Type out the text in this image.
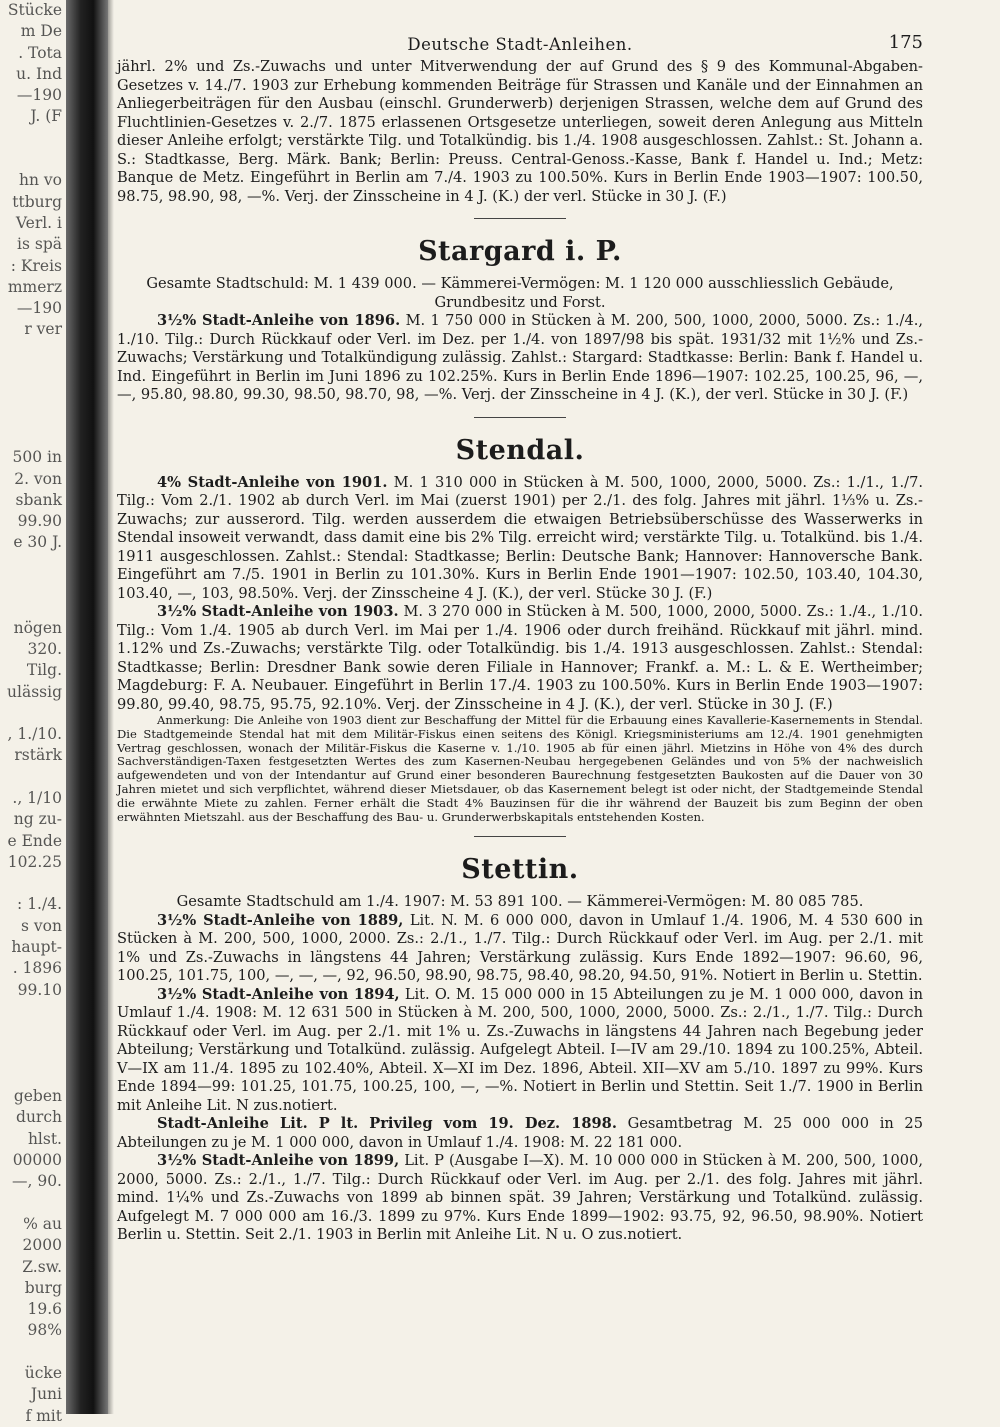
Stücke
m De
. Tota
u. Ind
—190
J. (F
hn vo
ttburg
Verl. i
is spä
: Kreis
mmerz
—190
r ver
500 in
2. von
sbank
99.90
e 30 J.
nögen
320.
Tilg.
ulässig
, 1./10.
rstärk
., 1/10
ng zu-
e Ende
102.25
: 1./4.
s von
haupt-
. 1896
99.10
geben
durch
hlst.
00000
—, 90.
% au
2000
Z.sw.
burg
19.6
98%
ücke
Juni
f mit
Deutsche Stadt-Anleihen.	175

jährl. 2% und Zs.-Zuwachs und unter Mitverwendung der auf Grund des § 9 des Kommunal-Abgaben-Gesetzes v. 14./7. 1903 zur Erhebung kommenden Beiträge für Strassen und Kanäle und der Einnahmen an Anliegerbeiträgen für den Ausbau (einschl. Grunderwerb) derjenigen Strassen, welche dem auf Grund des Fluchtlinien-Gesetzes v. 2./7. 1875 erlassenen Ortsgesetze unterliegen, soweit deren Anlegung aus Mitteln dieser Anleihe erfolgt; verstärkte Tilg. und Totalkündig. bis 1./4. 1908 ausgeschlossen. Zahlst.: St. Johann a. S.: Stadtkasse, Berg. Märk. Bank; Berlin: Preuss. Central-Genoss.-Kasse, Bank f. Handel u. Ind.; Metz: Banque de Metz. Eingeführt in Berlin am 7./4. 1903 zu 100.50%. Kurs in Berlin Ende 1903—1907: 100.50, 98.75, 98.90, 98, —%. Verj. der Zinsscheine in 4 J. (K.) der verl. Stücke in 30 J. (F.)

Stargard i. P.

Gesamte Stadtschuld: M. 1 439 000. — Kämmerei-Vermögen: M. 1 120 000 ausschliesslich Gebäude, Grundbesitz und Forst.

3½% Stadt-Anleihe von 1896. M. 1 750 000 in Stücken à M. 200, 500, 1000, 2000, 5000. Zs.: 1./4., 1./10. Tilg.: Durch Rückkauf oder Verl. im Dez. per 1./4. von 1897/98 bis spät. 1931/32 mit 1½% und Zs.-Zuwachs; Verstärkung und Totalkündigung zulässig. Zahlst.: Stargard: Stadtkasse: Berlin: Bank f. Handel u. Ind. Eingeführt in Berlin im Juni 1896 zu 102.25%. Kurs in Berlin Ende 1896—1907: 102.25, 100.25, 96, —, —, 95.80, 98.80, 99.30, 98.50, 98.70, 98, —%. Verj. der Zinsscheine in 4 J. (K.), der verl. Stücke in 30 J. (F.)

Stendal.

4% Stadt-Anleihe von 1901. M. 1 310 000 in Stücken à M. 500, 1000, 2000, 5000. Zs.: 1./1., 1./7. Tilg.: Vom 2./1. 1902 ab durch Verl. im Mai (zuerst 1901) per 2./1. des folg. Jahres mit jährl. 1⅓% u. Zs.-Zuwachs; zur ausserord. Tilg. werden ausserdem die etwaigen Betriebsüberschüsse des Wasserwerks in Stendal insoweit verwandt, dass damit eine bis 2% Tilg. erreicht wird; verstärkte Tilg. u. Totalkünd. bis 1./4. 1911 ausgeschlossen. Zahlst.: Stendal: Stadtkasse; Berlin: Deutsche Bank; Hannover: Hannoversche Bank. Eingeführt am 7./5. 1901 in Berlin zu 101.30%. Kurs in Berlin Ende 1901—1907: 102.50, 103.40, 104.30, 103.40, —, 103, 98.50%. Verj. der Zinsscheine 4 J. (K.), der verl. Stücke 30 J. (F.)

3½% Stadt-Anleihe von 1903. M. 3 270 000 in Stücken à M. 500, 1000, 2000, 5000. Zs.: 1./4., 1./10. Tilg.: Vom 1./4. 1905 ab durch Verl. im Mai per 1./4. 1906 oder durch freihänd. Rückkauf mit jährl. mind. 1.12% und Zs.-Zuwachs; verstärkte Tilg. oder Totalkündig. bis 1./4. 1913 ausgeschlossen. Zahlst.: Stendal: Stadtkasse; Berlin: Dresdner Bank sowie deren Filiale in Hannover; Frankf. a. M.: L. & E. Wertheimber; Magdeburg: F. A. Neubauer. Eingeführt in Berlin 17./4. 1903 zu 100.50%. Kurs in Berlin Ende 1903—1907: 99.80, 99.40, 98.75, 95.75, 92.10%. Verj. der Zinsscheine in 4 J. (K.), der verl. Stücke in 30 J. (F.)

Anmerkung: Die Anleihe von 1903 dient zur Beschaffung der Mittel für die Erbauung eines Kavallerie-Kasernements in Stendal. Die Stadtgemeinde Stendal hat mit dem Militär-Fiskus einen seitens des Königl. Kriegsministeriums am 12./4. 1901 genehmigten Vertrag geschlossen, wonach der Militär-Fiskus die Kaserne v. 1./10. 1905 ab für einen jährl. Mietzins in Höhe von 4% des durch Sachverständigen-Taxen festgesetzten Wertes des zum Kasernen-Neubau hergegebenen Geländes und von 5% der nachweislich aufgewendeten und von der Intendantur auf Grund einer besonderen Baurechnung festgesetzten Baukosten auf die Dauer von 30 Jahren mietet und sich verpflichtet, während dieser Mietsdauer, ob das Kasernement belegt ist oder nicht, der Stadtgemeinde Stendal die erwähnte Miete zu zahlen. Ferner erhält die Stadt 4% Bauzinsen für die ihr während der Bauzeit bis zum Beginn der oben erwähnten Mietszahl. aus der Beschaffung des Bau- u. Grunderwerbskapitals entstehenden Kosten.

Stettin.

Gesamte Stadtschuld am 1./4. 1907: M. 53 891 100. — Kämmerei-Vermögen: M. 80 085 785.

3½% Stadt-Anleihe von 1889, Lit. N. M. 6 000 000, davon in Umlauf 1./4. 1906, M. 4 530 600 in Stücken à M. 200, 500, 1000, 2000. Zs.: 2./1., 1./7. Tilg.: Durch Rückkauf oder Verl. im Aug. per 2./1. mit 1% und Zs.-Zuwachs in längstens 44 Jahren; Verstärkung zulässig. Kurs Ende 1892—1907: 96.60, 96, 100.25, 101.75, 100, —, —, —, 92, 96.50, 98.90, 98.75, 98.40, 98.20, 94.50, 91%. Notiert in Berlin u. Stettin.

3½% Stadt-Anleihe von 1894, Lit. O. M. 15 000 000 in 15 Abteilungen zu je M. 1 000 000, davon in Umlauf 1./4. 1908: M. 12 631 500 in Stücken à M. 200, 500, 1000, 2000, 5000. Zs.: 2./1., 1./7. Tilg.: Durch Rückkauf oder Verl. im Aug. per 2./1. mit 1% u. Zs.-Zuwachs in längstens 44 Jahren nach Begebung jeder Abteilung; Verstärkung und Totalkünd. zulässig. Aufgelegt Abteil. I—IV am 29./10. 1894 zu 100.25%, Abteil. V—IX am 11./4. 1895 zu 102.40%, Abteil. X—XI im Dez. 1896, Abteil. XII—XV am 5./10. 1897 zu 99%. Kurs Ende 1894—99: 101.25, 101.75, 100.25, 100, —, —%. Notiert in Berlin und Stettin. Seit 1./7. 1900 in Berlin mit Anleihe Lit. N zus.notiert.

Stadt-Anleihe Lit. P lt. Privileg vom 19. Dez. 1898. Gesamtbetrag M. 25 000 000 in 25 Abteilungen zu je M. 1 000 000, davon in Umlauf 1./4. 1908: M. 22 181 000.

3½% Stadt-Anleihe von 1899, Lit. P (Ausgabe I—X). M. 10 000 000 in Stücken à M. 200, 500, 1000, 2000, 5000. Zs.: 2./1., 1./7. Tilg.: Durch Rückkauf oder Verl. im Aug. per 2./1. des folg. Jahres mit jährl. mind. 1¼% und Zs.-Zuwachs von 1899 ab binnen spät. 39 Jahren; Verstärkung und Totalkünd. zulässig. Aufgelegt M. 7 000 000 am 16./3. 1899 zu 97%. Kurs Ende 1899—1902: 93.75, 92, 96.50, 98.90%. Notiert Berlin u. Stettin. Seit 2./1. 1903 in Berlin mit Anleihe Lit. N u. O zus.notiert.
